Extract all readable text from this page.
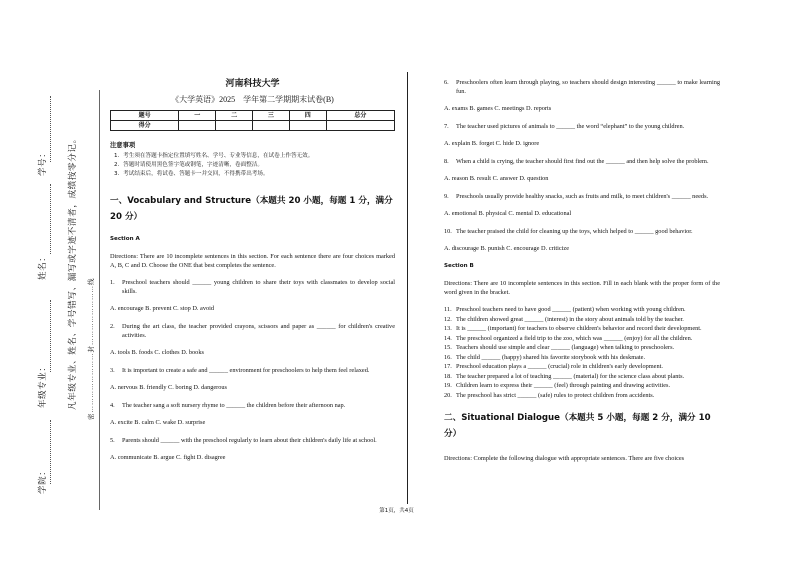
学号：
姓名：
年级专业：
学院：
凡年级专业、姓名、学号错写、漏写或字迹不清者，成绩按零分记。	密……………………封……………………线
河南科技大学
《大学英语》2025　学年第二学期期末试卷(B)
题号	一	二	三	四	总分
得分					
注意事项
1．考生须在答题卡指定位置填写姓名、学号、专业等信息，在试卷上作答无效。
2．答题时请使用黑色签字笔或钢笔，字迹清晰，卷面整洁。
3．考试结束后，将试卷、答题卡一并交回，不得携带出考场。
一、Vocabulary and Structure（本题共 20 小题，每题 1 分，满分 20 分）
Section A
Directions: There are 10 incomplete sentences in this section. For each sentence there are four choices marked A, B, C and D. Choose the ONE that best completes the sentence.
1.	Preschool teachers should ______ young children to share their toys with classmates to develop social skills.
A. encourage B. prevent C. stop D. avoid
2.	During the art class, the teacher provided crayons, scissors and paper as ______ for children's creative activities.
A. tools B. foods C. clothes D. books
3.	It is important to create a safe and ______ environment for preschoolers to help them feel relaxed.
A. nervous B. friendly C. boring D. dangerous
4.	The teacher sang a soft nursery rhyme to ______ the children before their afternoon nap.
A. excite B. calm C. wake D. surprise
5.	Parents should ______ with the preschool regularly to learn about their children's daily life at school.
A. communicate B. argue C. fight D. disagree
6.	Preschoolers often learn through playing, so teachers should design interesting ______ to make learning fun.
A. exams B. games C. meetings D. reports
7.	The teacher used pictures of animals to ______ the word “elephant” to the young children.
A. explain B. forget C. hide D. ignore
8.	When a child is crying, the teacher should first find out the ______ and then help solve the problem.
A. reason B. result C. answer D. question
9.	Preschools usually provide healthy snacks, such as fruits and milk, to meet children's ______ needs.
A. emotional B. physical C. mental D. educational
10. The teacher praised the child for cleaning up the toys, which helped to ______ good behavior.
A. discourage B. punish C. encourage D. criticize
Section B
Directions: There are 10 incomplete sentences in this section. Fill in each blank with the proper form of the word given in the bracket.
11. Preschool teachers need to have good ______ (patient) when working with young children.
12. The children showed great ______ (interest) in the story about animals told by the teacher.
13. It is ______ (important) for teachers to observe children's behavior and record their development.
14. The preschool organized a field trip to the zoo, which was ______ (enjoy) for all the children.
15. Teachers should use simple and clear ______ (language) when talking to preschoolers.
16. The child ______ (happy) shared his favorite storybook with his deskmate.
17. Preschool education plays a ______ (crucial) role in children's early development.
18. The teacher prepared a lot of teaching ______ (material) for the science class about plants.
19. Children learn to express their ______ (feel) through painting and drawing activities.
20. The preschool has strict ______ (safe) rules to protect children from accidents.
二、Situational Dialogue（本题共 5 小题，每题 2 分，满分 10 分）
Directions: Complete the following dialogue with appropriate sentences. There are five choices
第1页，共4页
